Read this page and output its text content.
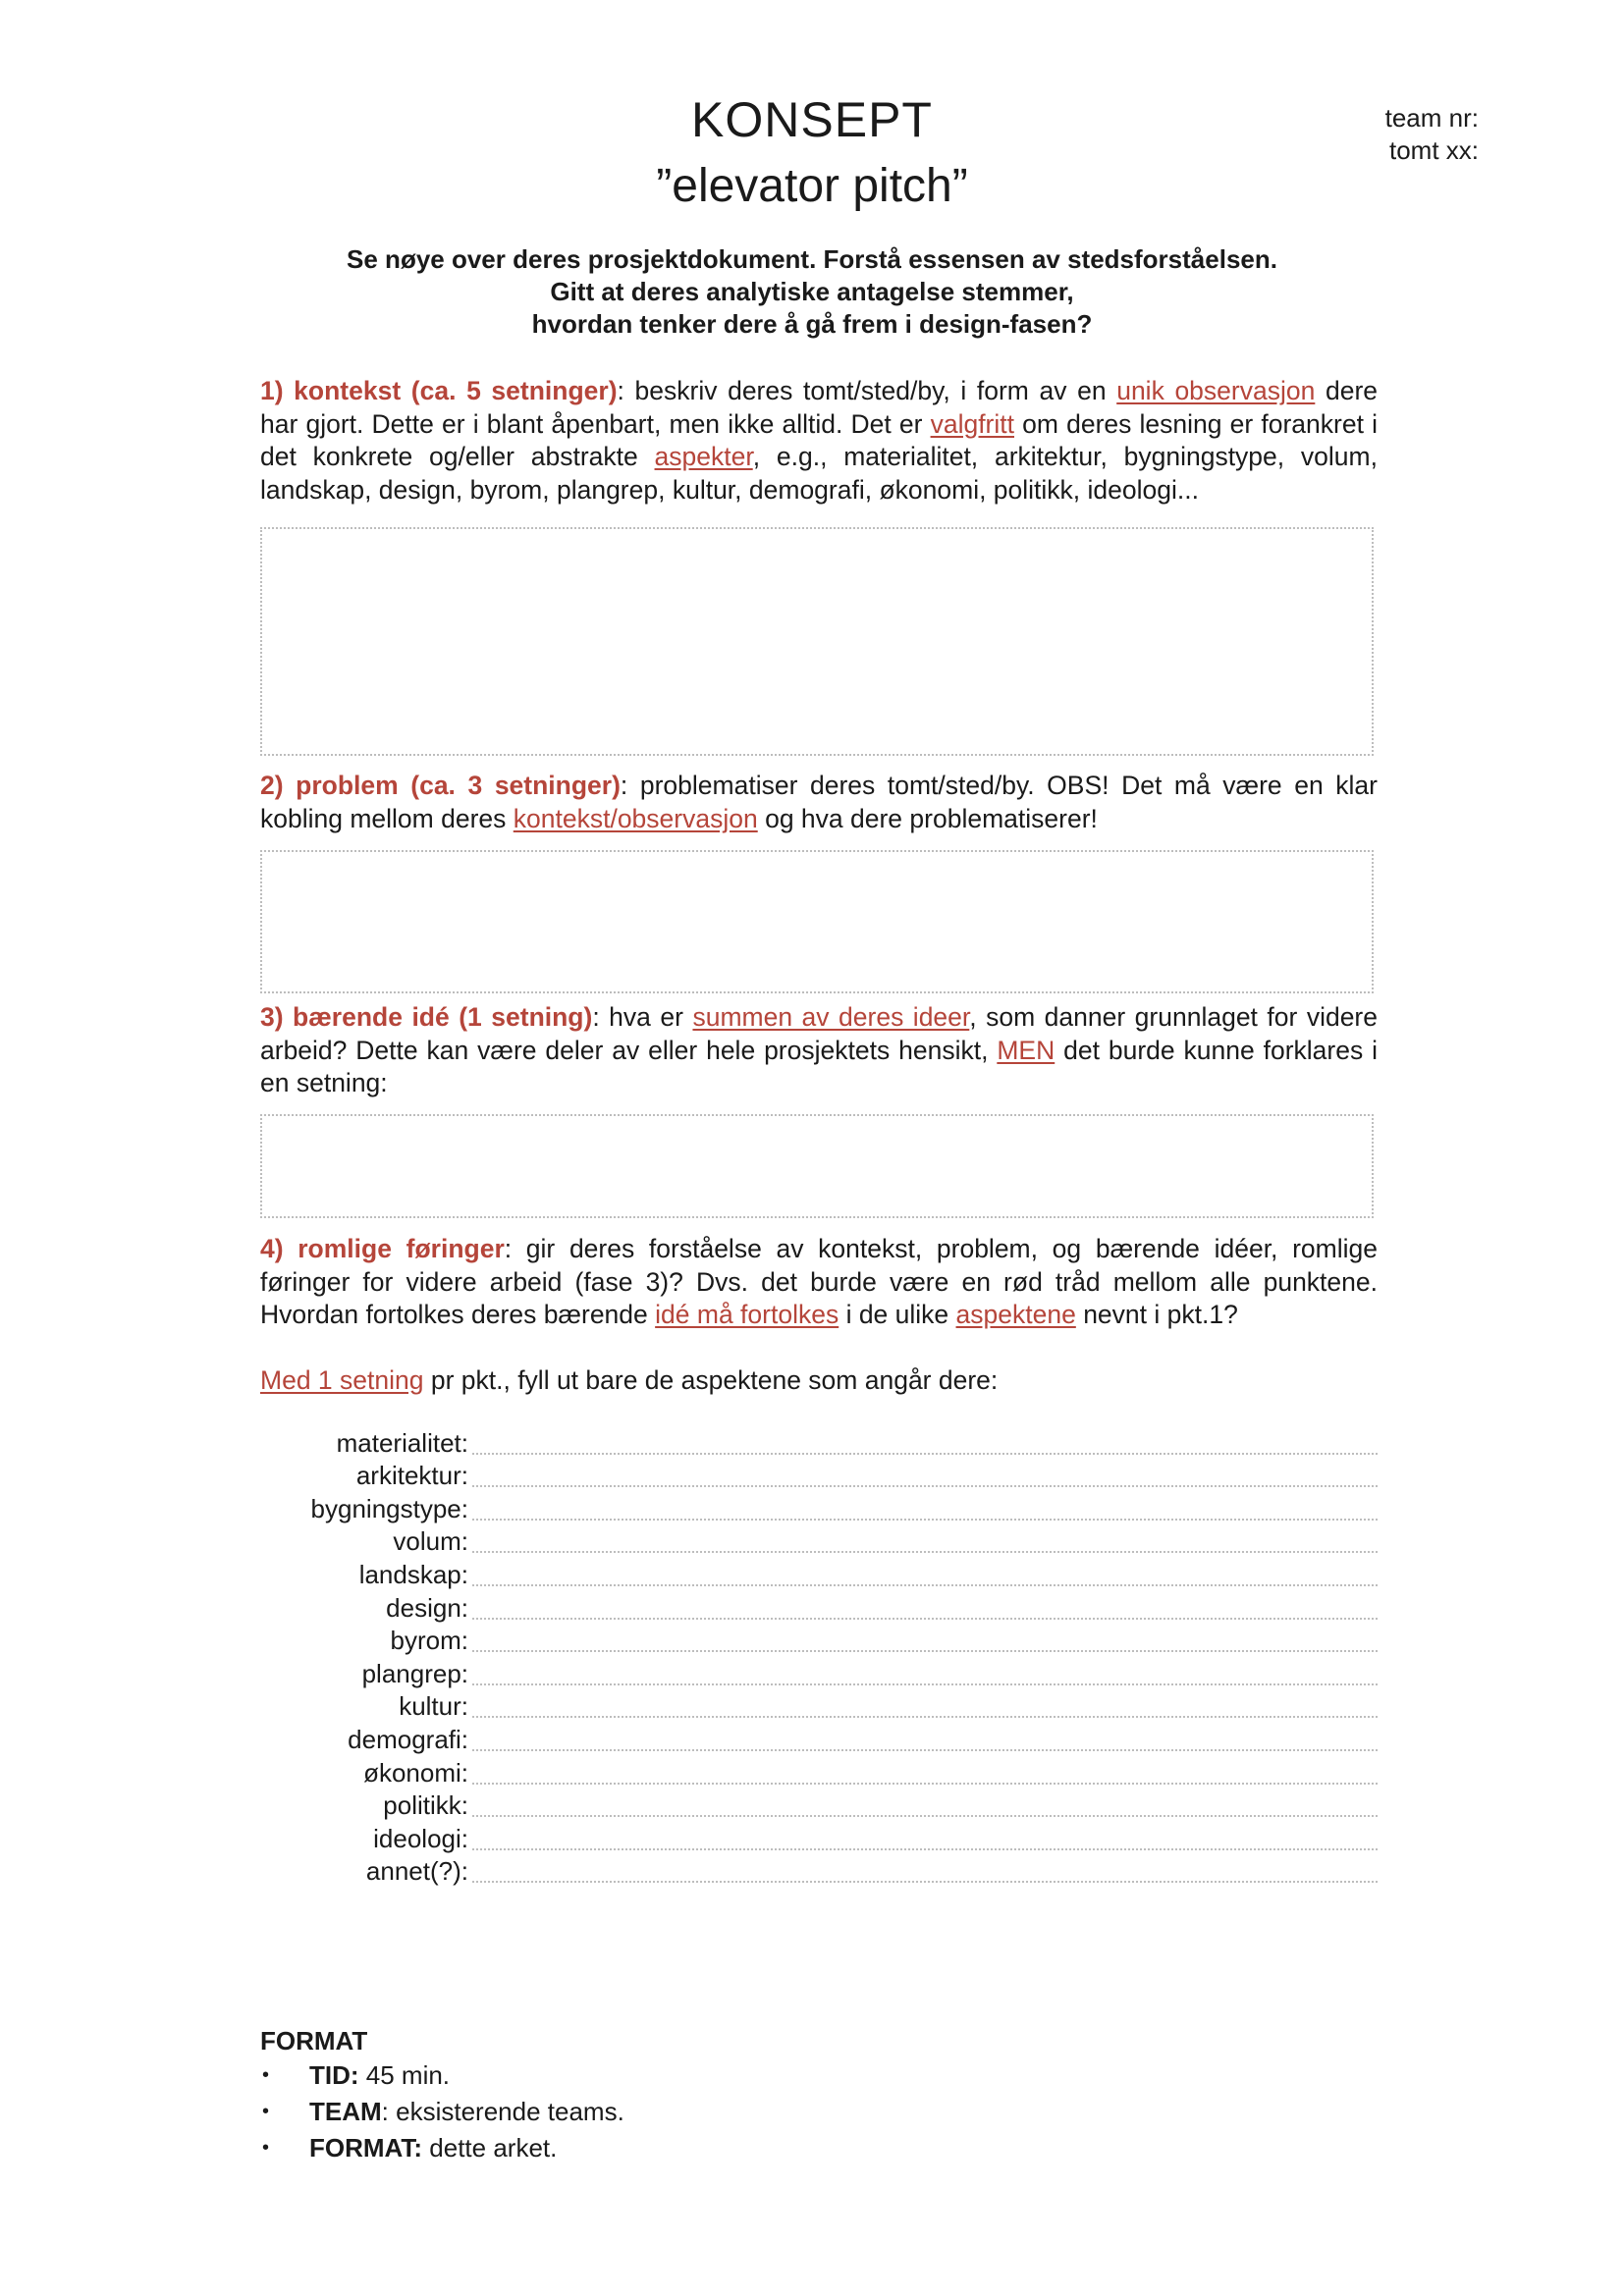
KONSEPT
”elevator pitch”
team nr:
tomt xx:
Se nøye over deres prosjektdokument. Forstå essensen av stedsforståelsen.
Gitt at deres analytiske antagelse stemmer,
hvordan tenker dere å gå frem i design-fasen?
1) kontekst (ca. 5 setninger): beskriv deres tomt/sted/by, i form av en unik observasjon dere har gjort. Dette er i blant åpenbart, men ikke alltid. Det er valgfritt om deres lesning er forankret i det konkrete og/eller abstrakte aspekter, e.g., materialitet, arkitektur, bygningstype, volum, landskap, design, byrom, plangrep, kultur, demografi, økonomi, politikk, ideologi...
2) problem (ca. 3 setninger): problematiser deres tomt/sted/by. OBS! Det må være en klar kobling mellom deres kontekst/observasjon og hva dere problematiserer!
3) bærende idé (1 setning): hva er summen av deres ideer, som danner grunnlaget for videre arbeid? Dette kan være deler av eller hele prosjektets hensikt, MEN det burde kunne forklares i en setning:
4) romlige føringer: gir deres forståelse av kontekst, problem, og bærende idéer, romlige føringer for videre arbeid (fase 3)? Dvs. det burde være en rød tråd mellom alle punktene. Hvordan fortolkes deres bærende idé må fortolkes i de ulike aspektene nevnt i pkt.1?
Med 1 setning pr pkt., fyll ut bare de aspektene som angår dere:
materialitet:
arkitektur:
bygningstype:
volum:
landskap:
design:
byrom:
plangrep:
kultur:
demografi:
økonomi:
politikk:
ideologi:
annet(?):
FORMAT
• TID: 45 min.
• TEAM: eksisterende teams.
• FORMAT: dette arket.
